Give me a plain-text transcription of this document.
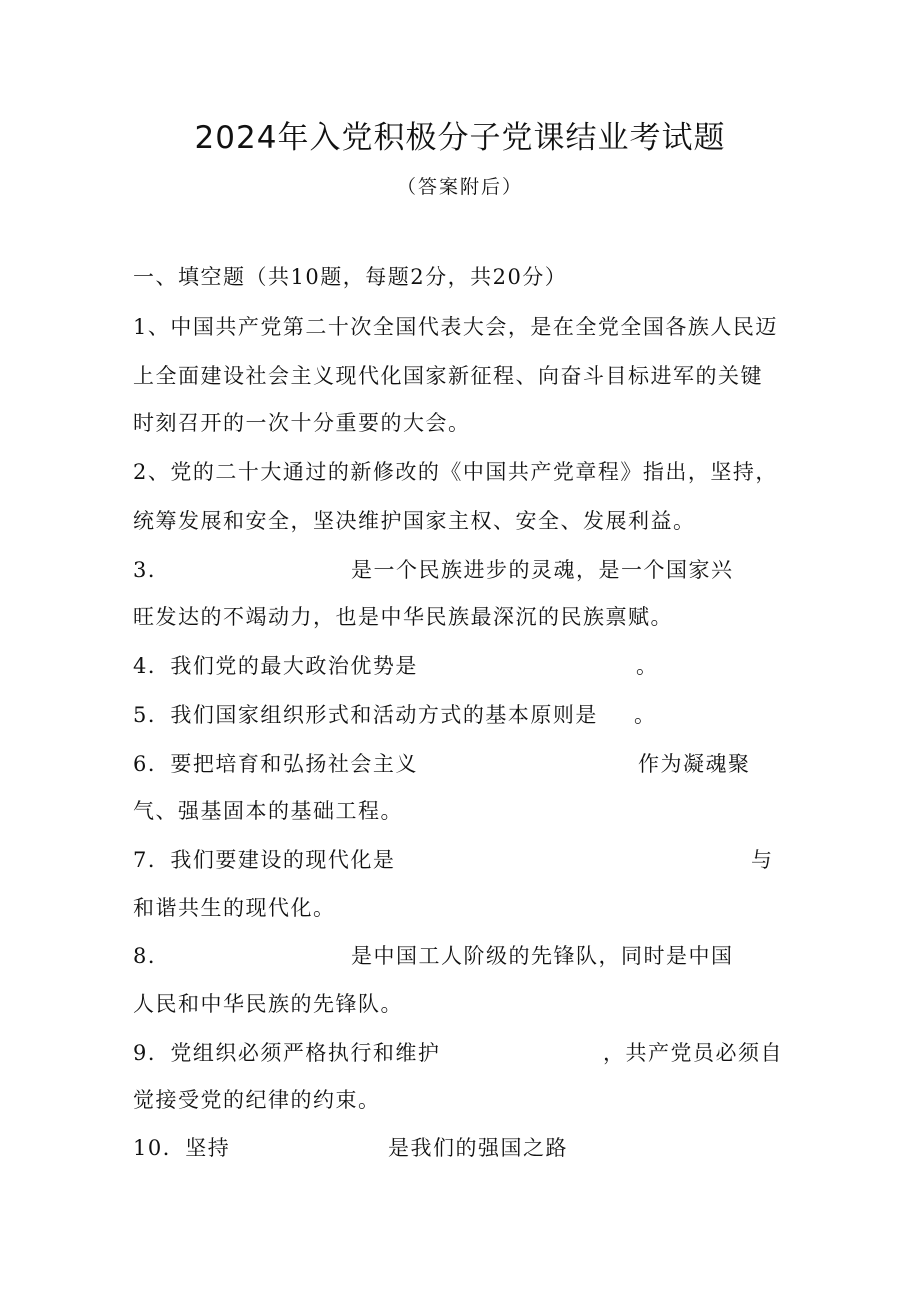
2024年入党积极分子党课结业考试题
（答案附后）
一、填空题（共10题，每题2分，共20分）
1、中国共产党第二十次全国代表大会，是在全党全国各族人民迈
上全面建设社会主义现代化国家新征程、向奋斗目标进军的关键
时刻召开的一次十分重要的大会。
2、党的二十大通过的新修改的《中国共产党章程》指出，坚持，
统筹发展和安全，坚决维护国家主权、安全、发展利益。
3．	是一个民族进步的灵魂，是一个国家兴
旺发达的不竭动力，也是中华民族最深沉的民族禀赋。
4．我们党的最大政治优势是	。
5．我们国家组织形式和活动方式的基本原则是 。
6．要把培育和弘扬社会主义	作为凝魂聚
气、强基固本的基础工程。
7．我们要建设的现代化是	与
和谐共生的现代化。
8．	是中国工人阶级的先锋队，同时是中国
人民和中华民族的先锋队。
9．党组织必须严格执行和维护	，共产党员必须自
觉接受党的纪律的约束。
10．坚持	是我们的强国之路
